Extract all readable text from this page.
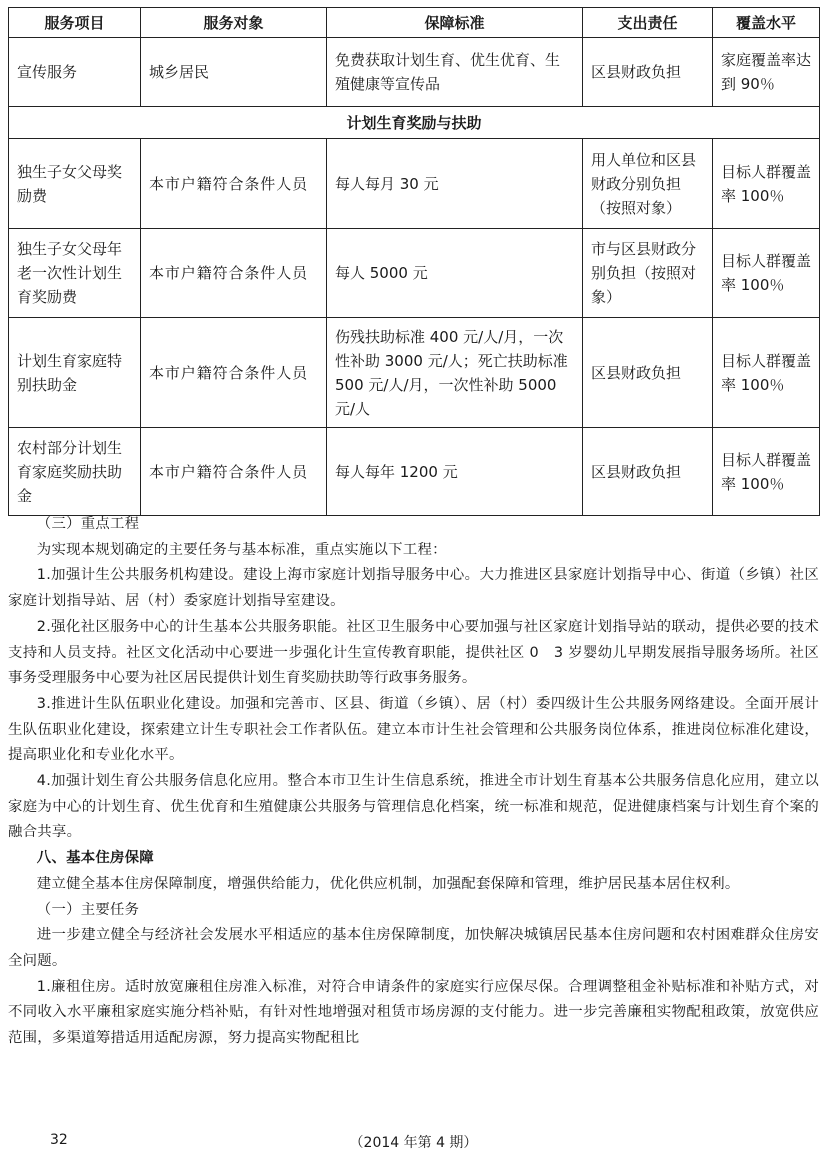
服务项目	服务对象	保障标准	支出责任	覆盖水平
宣传服务	城乡居民	免费获取计划生育、优生优育、生殖健康等宣传品	区县财政负担	家庭覆盖率达到 90％
计划生育奖励与扶助				
独生子女父母奖励费	本市户籍符合条件人员	每人每月 30 元	用人单位和区县财政分别负担（按照对象）	目标人群覆盖率 100％
独生子女父母年老一次性计划生育奖励费	本市户籍符合条件人员	每人 5000 元	市与区县财政分别负担（按照对象）	目标人群覆盖率 100％
计划生育家庭特别扶助金	本市户籍符合条件人员	伤残扶助标准 400 元/人/月，一次性补助 3000 元/人；死亡扶助标准 500 元/人/月，一次性补助 5000 元/人	区县财政负担	目标人群覆盖率 100％
农村部分计划生育家庭奖励扶助金	本市户籍符合条件人员	每人每年 1200 元	区县财政负担	目标人群覆盖率 100％

（三）重点工程

为实现本规划确定的主要任务与基本标准，重点实施以下工程：

1.加强计生公共服务机构建设。建设上海市家庭计划指导服务中心。大力推进区县家庭计划指导中心、街道（乡镇）社区家庭计划指导站、居（村）委家庭计划指导室建设。

2.强化社区服务中心的计生基本公共服务职能。社区卫生服务中心要加强与社区家庭计划指导站的联动，提供必要的技术支持和人员支持。社区文化活动中心要进一步强化计生宣传教育职能，提供社区 0　3 岁婴幼儿早期发展指导服务场所。社区事务受理服务中心要为社区居民提供计划生育奖励扶助等行政事务服务。

3.推进计生队伍职业化建设。加强和完善市、区县、街道（乡镇）、居（村）委四级计生公共服务网络建设。全面开展计生队伍职业化建设，探索建立计生专职社会工作者队伍。建立本市计生社会管理和公共服务岗位体系，推进岗位标准化建设，提高职业化和专业化水平。

4.加强计划生育公共服务信息化应用。整合本市卫生计生信息系统，推进全市计划生育基本公共服务信息化应用，建立以家庭为中心的计划生育、优生优育和生殖健康公共服务与管理信息化档案，统一标准和规范，促进健康档案与计划生育个案的融合共享。

八、基本住房保障

建立健全基本住房保障制度，增强供给能力，优化供应机制，加强配套保障和管理，维护居民基本居住权利。

（一）主要任务

进一步建立健全与经济社会发展水平相适应的基本住房保障制度，加快解决城镇居民基本住房问题和农村困难群众住房安全问题。

1.廉租住房。适时放宽廉租住房准入标准，对符合申请条件的家庭实行应保尽保。合理调整租金补贴标准和补贴方式，对不同收入水平廉租家庭实施分档补贴，有针对性地增强对租赁市场房源的支付能力。进一步完善廉租实物配租政策，放宽供应范围，多渠道筹措适用适配房源，努力提高实物配租比

32	（2014 年第 4 期）
